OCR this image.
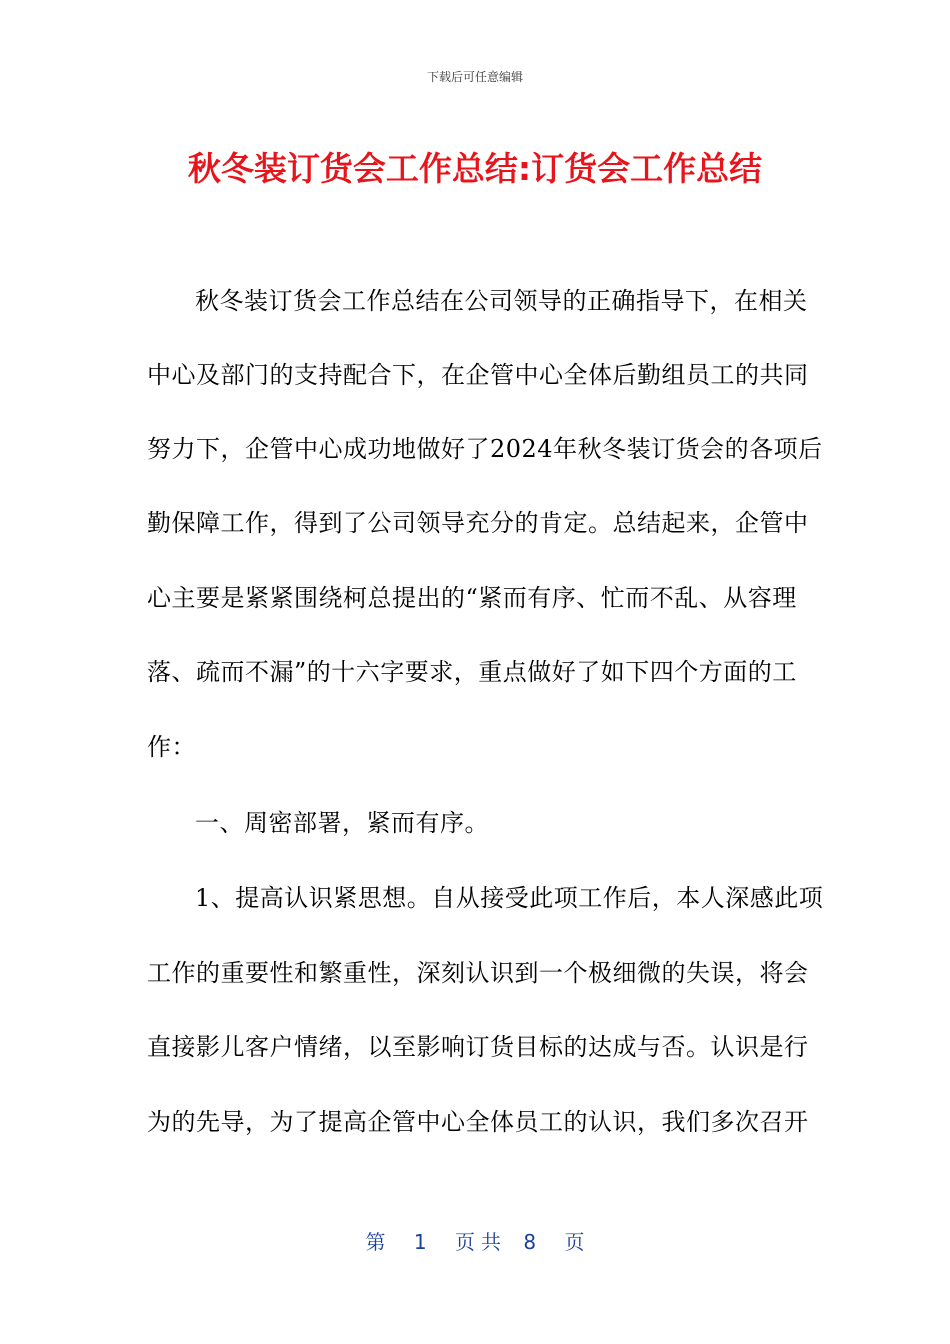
下载后可任意编辑
秋冬装订货会工作总结:订货会工作总结
秋冬装订货会工作总结在公司领导的正确指导下，在相关
中心及部门的支持配合下，在企管中心全体后勤组员工的共同
努力下，企管中心成功地做好了2024年秋冬装订货会的各项后
勤保障工作，得到了公司领导充分的肯定。总结起来，企管中
心主要是紧紧围绕柯总提出的“紧而有序、忙而不乱、从容理
落、疏而不漏”的十六字要求，重点做好了如下四个方面的工
作：
一、周密部署，紧而有序。
1、提高认识紧思想。自从接受此项工作后，本人深感此项
工作的重要性和繁重性，深刻认识到一个极细微的失误，将会
直接影儿客户情绪，以至影响订货目标的达成与否。认识是行
为的先导，为了提高企管中心全体员工的认识，我们多次召开
第 1 页共 8 页
